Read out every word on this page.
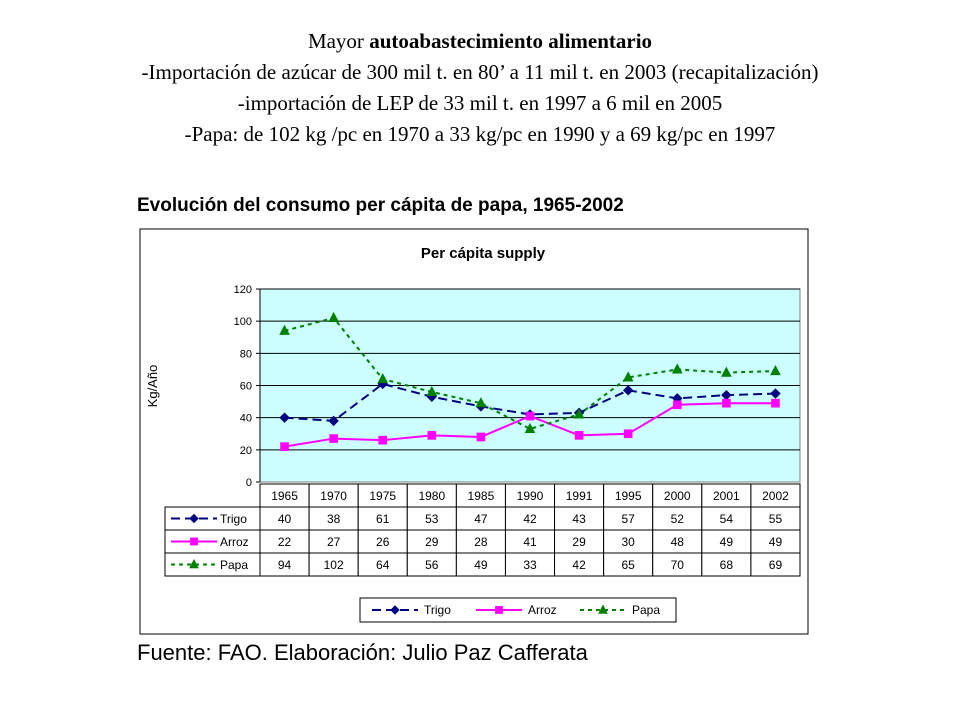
Mayor autoabastecimiento alimentario
-Importación de azúcar de 300 mil t. en 80’ a 11 mil t. en 2003 (recapitalización)
-importación de LEP de 33 mil t. en 1997 a 6 mil en 2005
-Papa: de 102 kg /pc en 1970 a 33 kg/pc en 1990 y a 69 kg/pc en 1997
Evolución del consumo per cápita de papa, 1965-2002
Per cápita supply
0
20
40
60
80
100
120
Kg/Año
1965 1970 1975 1980 1985 1990 1991 1995 2000 2001 2002
Trigo	40	38	61	53	47	42	43	57	52	54	55
Arroz 22	27	26	29	28	41	29	30	48	49	49
Papa 94	102	64	56	49	33	42	65	70	68	69
Trigo	Arroz	Papa
Fuente: FAO. Elaboración: Julio Paz Cafferata
